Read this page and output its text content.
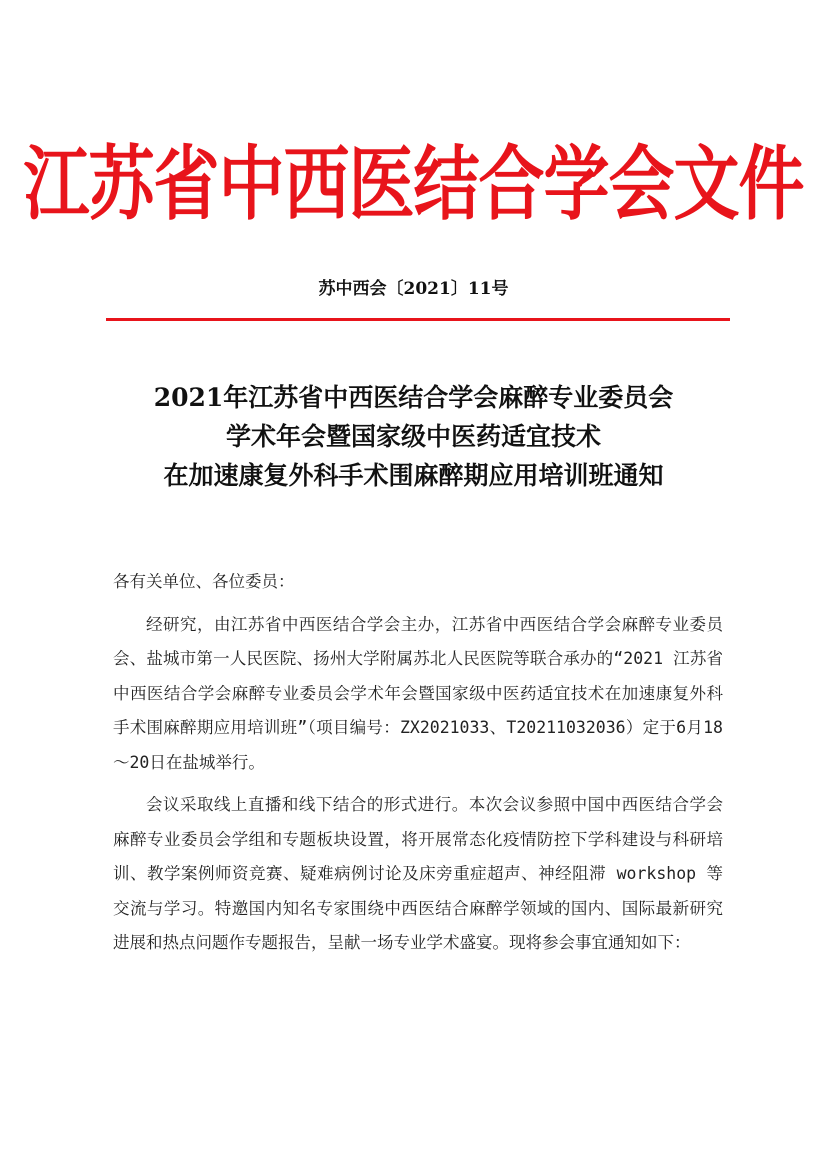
江苏省中西医结合学会文件
苏中西会〔2021〕11号
2021年江苏省中西医结合学会麻醉专业委员会
学术年会暨国家级中医药适宜技术
在加速康复外科手术围麻醉期应用培训班通知

各有关单位、各位委员：

经研究，由江苏省中西医结合学会主办，江苏省中西医结合学会麻醉专业委员会、盐城市第一人民医院、扬州大学附属苏北人民医院等联合承办的“2021 江苏省中西医结合学会麻醉专业委员会学术年会暨国家级中医药适宜技术在加速康复外科手术围麻醉期应用培训班”（项目编号：ZX2021033、T20211032036）定于6月18～20日在盐城举行。

会议采取线上直播和线下结合的形式进行。本次会议参照中国中西医结合学会麻醉专业委员会学组和专题板块设置，将开展常态化疫情防控下学科建设与科研培训、教学案例师资竞赛、疑难病例讨论及床旁重症超声、神经阻滞 workshop 等交流与学习。特邀国内知名专家围绕中西医结合麻醉学领域的国内、国际最新研究进展和热点问题作专题报告，呈献一场专业学术盛宴。现将参会事宜通知如下：
